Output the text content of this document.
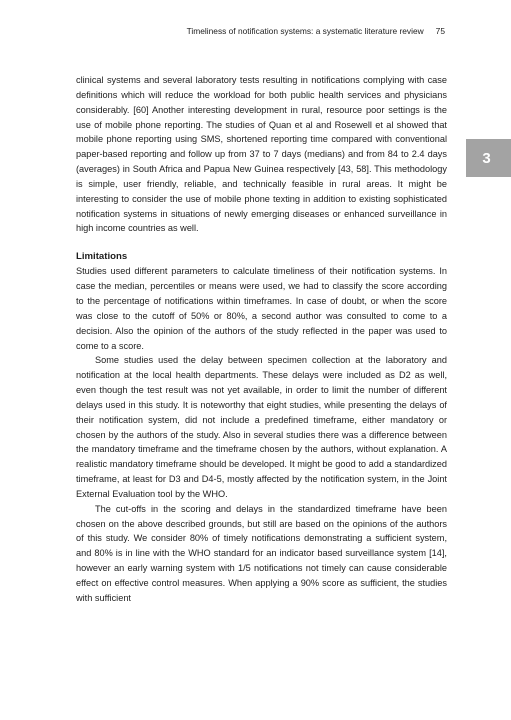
Timeliness of notification systems: a systematic literature review 75
3

clinical systems and several laboratory tests resulting in notifications complying with case definitions which will reduce the workload for both public health services and physicians considerably. [60] Another interesting development in rural, resource poor settings is the use of mobile phone reporting. The studies of Quan et al and Rosewell et al showed that mobile phone reporting using SMS, shortened reporting time compared with conventional paper-based reporting and follow up from 37 to 7 days (medians) and from 84 to 2.4 days (averages) in South Africa and Papua New Guinea respectively [43, 58]. This methodology is simple, user friendly, reliable, and technically feasible in rural areas. It might be interesting to consider the use of mobile phone texting in addition to existing sophisticated notification systems in situations of newly emerging diseases or enhanced surveillance in high income countries as well.

Limitations

Studies used different parameters to calculate timeliness of their notification systems. In case the median, percentiles or means were used, we had to classify the score according to the percentage of notifications within timeframes. In case of doubt, or when the score was close to the cutoff of 50% or 80%, a second author was consulted to come to a decision. Also the opinion of the authors of the study reflected in the paper was used to come to a score.

Some studies used the delay between specimen collection at the laboratory and notification at the local health departments. These delays were included as D2 as well, even though the test result was not yet available, in order to limit the number of different delays used in this study. It is noteworthy that eight studies, while presenting the delays of their notification system, did not include a predefined timeframe, either mandatory or chosen by the authors of the study. Also in several studies there was a difference between the mandatory timeframe and the timeframe chosen by the authors, without explanation. A realistic mandatory timeframe should be developed. It might be good to add a standardized timeframe, at least for D3 and D4-5, mostly affected by the notification system, in the Joint External Evaluation tool by the WHO.

The cut-offs in the scoring and delays in the standardized timeframe have been chosen on the above described grounds, but still are based on the opinions of the authors of this study. We consider 80% of timely notifications demonstrating a sufficient system, and 80% is in line with the WHO standard for an indicator based surveillance system [14], however an early warning system with 1/5 notifications not timely can cause considerable effect on effective control measures. When applying a 90% score as sufficient, the studies with sufficient
